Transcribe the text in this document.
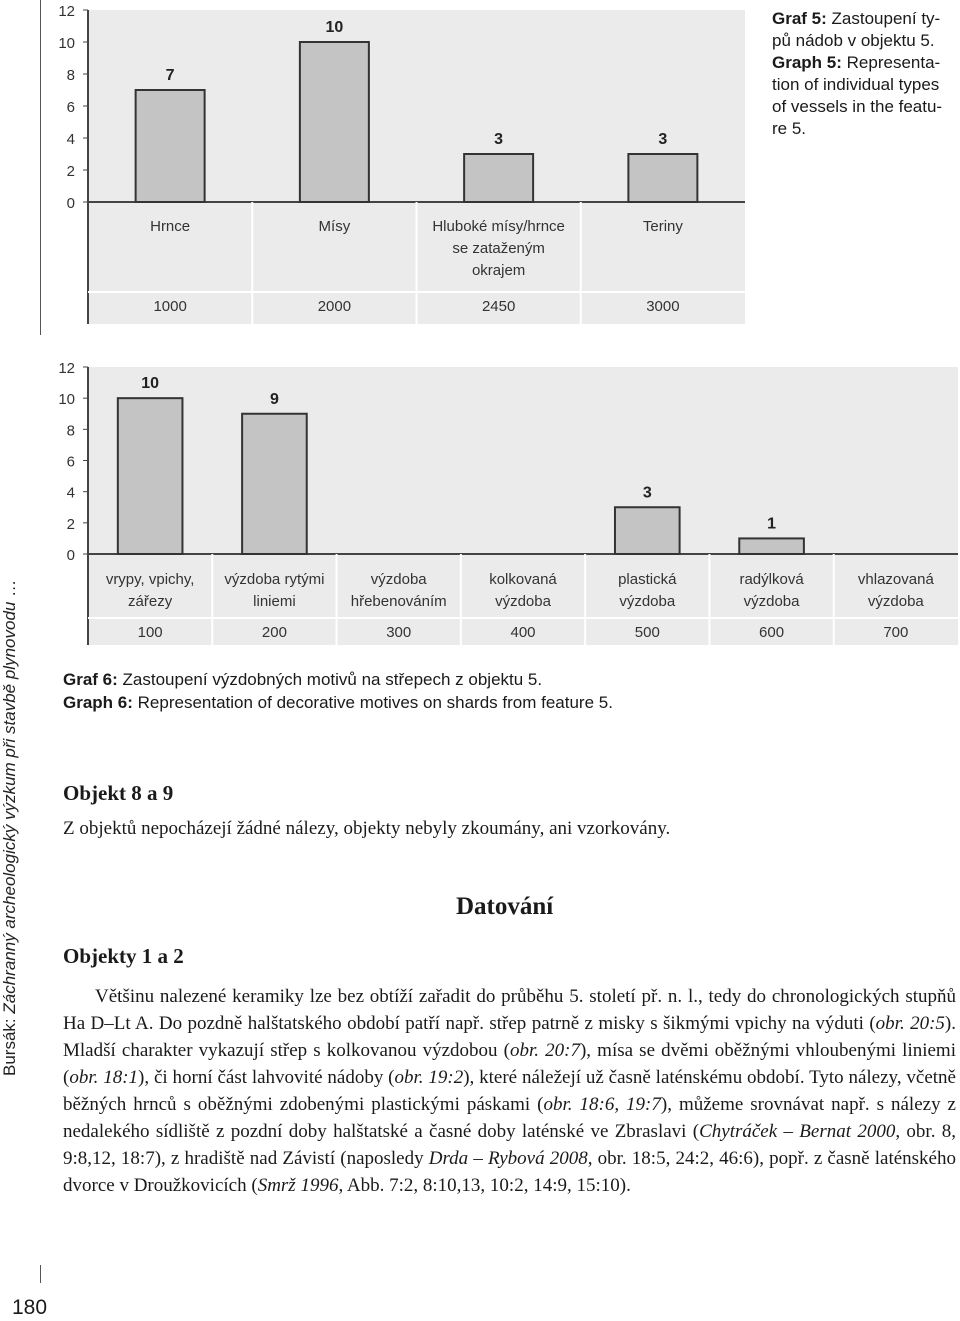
Bursák: Záchranný archeologický výzkum při stavbě plynovodu …
0
2
4
6
8
10
12
7
Hrnce
1000
10
Mísy
2000
3
Hluboké mísy/hrnce
se zataženým
okrajem
2450
3
Teriny
3000
Graf 5: Zastoupení ty-
pů nádob v objektu 5.
Graph 5: Representa-
tion of individual types
of vessels in the featu-
re 5.
0
2
4
6
8
10
12
10
vrypy, vpichy,
zářezy
100
9
výzdoba rytými
liniemi
200
výzdoba
hřebenováním
300
kolkovaná
výzdoba
400
3
plastická
výzdoba
500
1
radýlková
výzdoba
600
vhlazovaná
výzdoba
700
Graf 6: Zastoupení výzdobných motivů na střepech z objektu 5.
Graph 6: Representation of decorative motives on shards from feature 5.
Objekt 8 a 9

Z objektů nepocházejí žádné nálezy, objekty nebyly zkoumány, ani vzorkovány.

Datování
Objekty 1 a 2

Většinu nalezené keramiky lze bez obtíží zařadit do průběhu 5. století př. n. l., tedy do chronologických stupňů Ha D–Lt A. Do pozdně halštatského období patří např. střep patrně z misky s šikmými vpichy na výduti (obr. 20:5). Mladší charakter vykazují střep s kolkovanou výzdobou (obr. 20:7), mísa se dvěmi oběžnými vhloubenými liniemi (obr. 18:1), či horní část lahvovité nádoby (obr. 19:2), které náležejí už časně laténskému období. Tyto nálezy, včetně běžných hrnců s oběžnými zdobenými plastickými páskami (obr. 18:6, 19:7), můžeme srovnávat např. s nálezy z nedalekého sídliště z pozdní doby halštatské a časné doby laténské ve Zbraslavi (Chytráček – Bernat 2000, obr. 8, 9:8,12, 18:7), z hradiště nad Závistí (naposledy Drda – Rybová 2008, obr. 18:5, 24:2, 46:6), popř. z časně laténského dvorce v Droužkovicích (Smrž 1996, Abb. 7:2, 8:10,13, 10:2, 14:9, 15:10).

180
